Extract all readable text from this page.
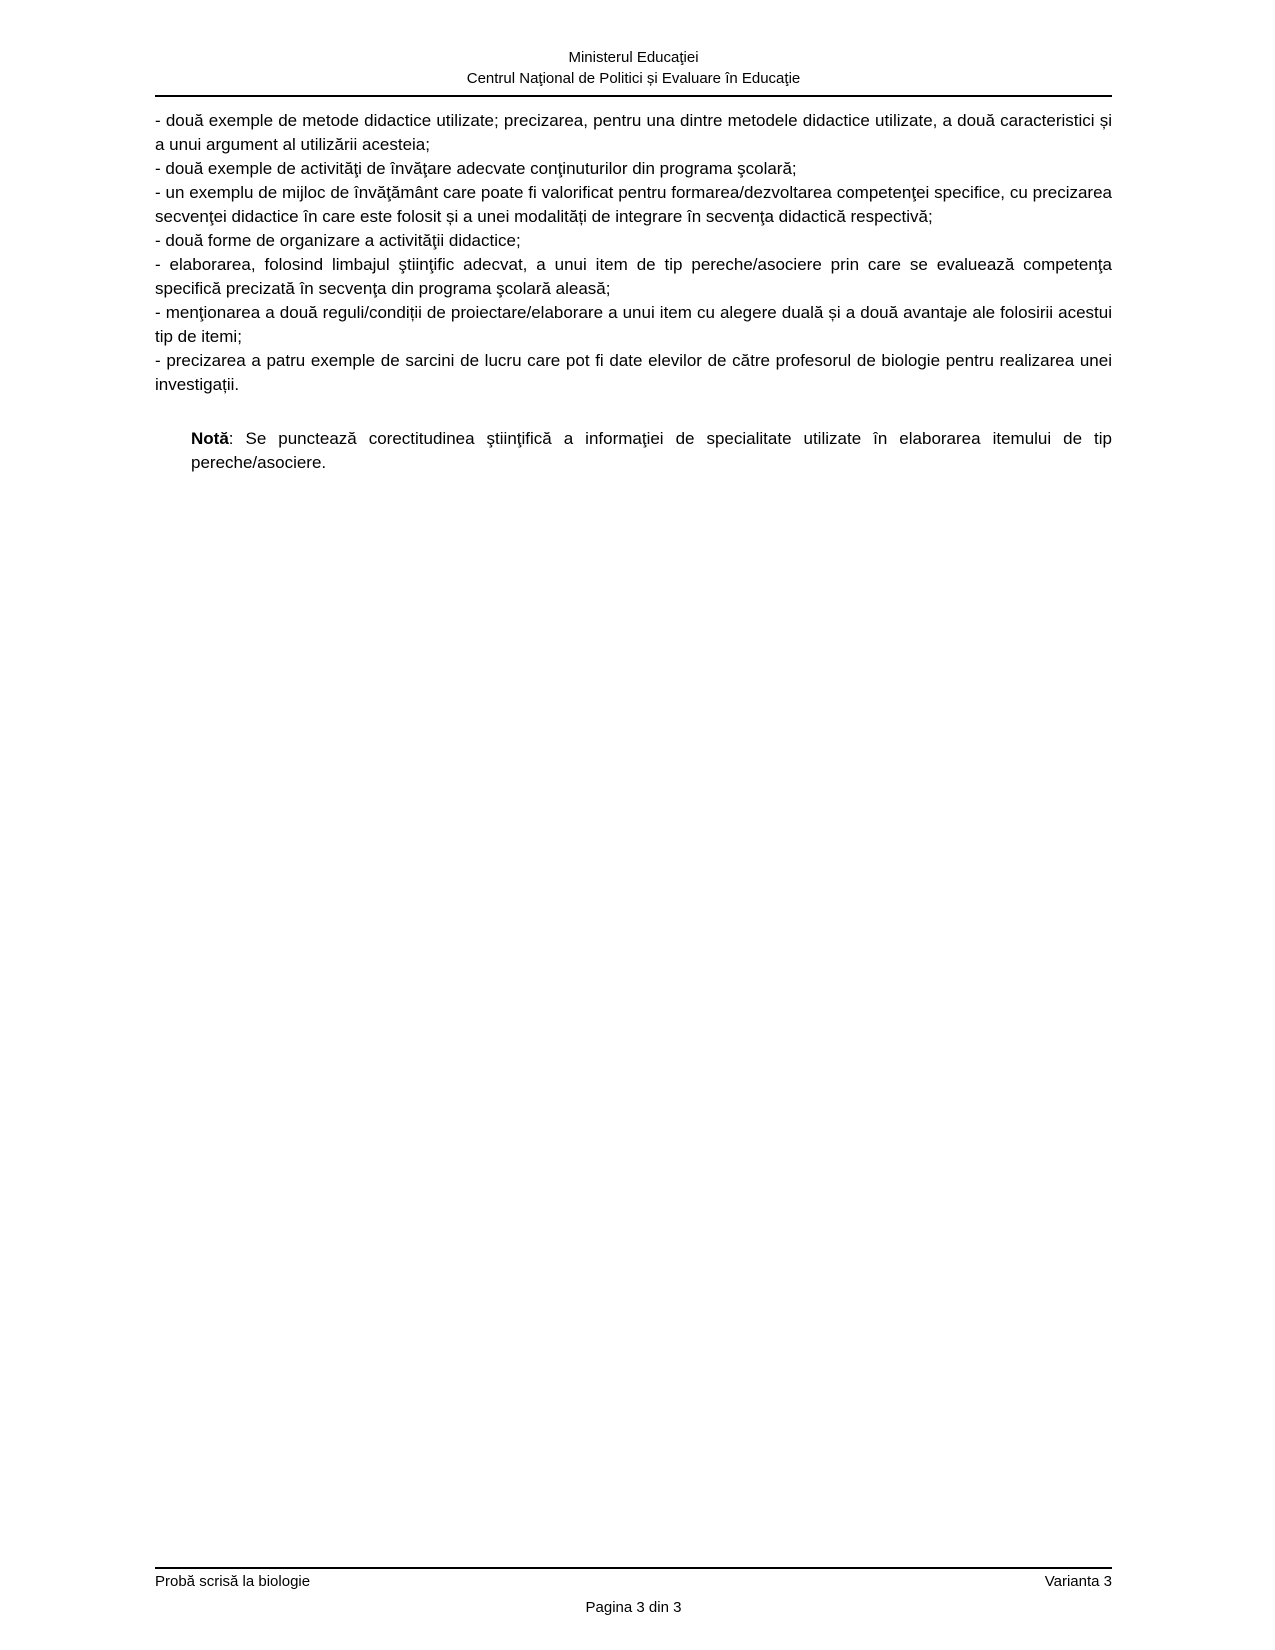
Ministerul Educaţiei
Centrul Naţional de Politici și Evaluare în Educaţie

- două exemple de metode didactice utilizate; precizarea, pentru una dintre metodele didactice utilizate, a două caracteristici și a unui argument al utilizării acesteia;

- două exemple de activităţi de învăţare adecvate conţinuturilor din programa şcolară;

- un exemplu de mijloc de învăţământ care poate fi valorificat pentru formarea/dezvoltarea competenţei specifice, cu precizarea secvenţei didactice în care este folosit și a unei modalități de integrare în secvenţa didactică respectivă;

- două forme de organizare a activităţii didactice;

- elaborarea, folosind limbajul ştiinţific adecvat, a unui item de tip pereche/asociere prin care se evaluează competenţa specifică precizată în secvenţa din programa şcolară aleasă;

- menţionarea a două reguli/condiții de proiectare/elaborare a unui item cu alegere duală și a două avantaje ale folosirii acestui tip de itemi;

- precizarea a patru exemple de sarcini de lucru care pot fi date elevilor de către profesorul de biologie pentru realizarea unei investigații.

Notă: Se punctează corectitudinea ştiinţifică a informaţiei de specialitate utilizate în elaborarea itemului de tip pereche/asociere.

Probă scrisă la biologie	Varianta 3
Pagina 3 din 3
